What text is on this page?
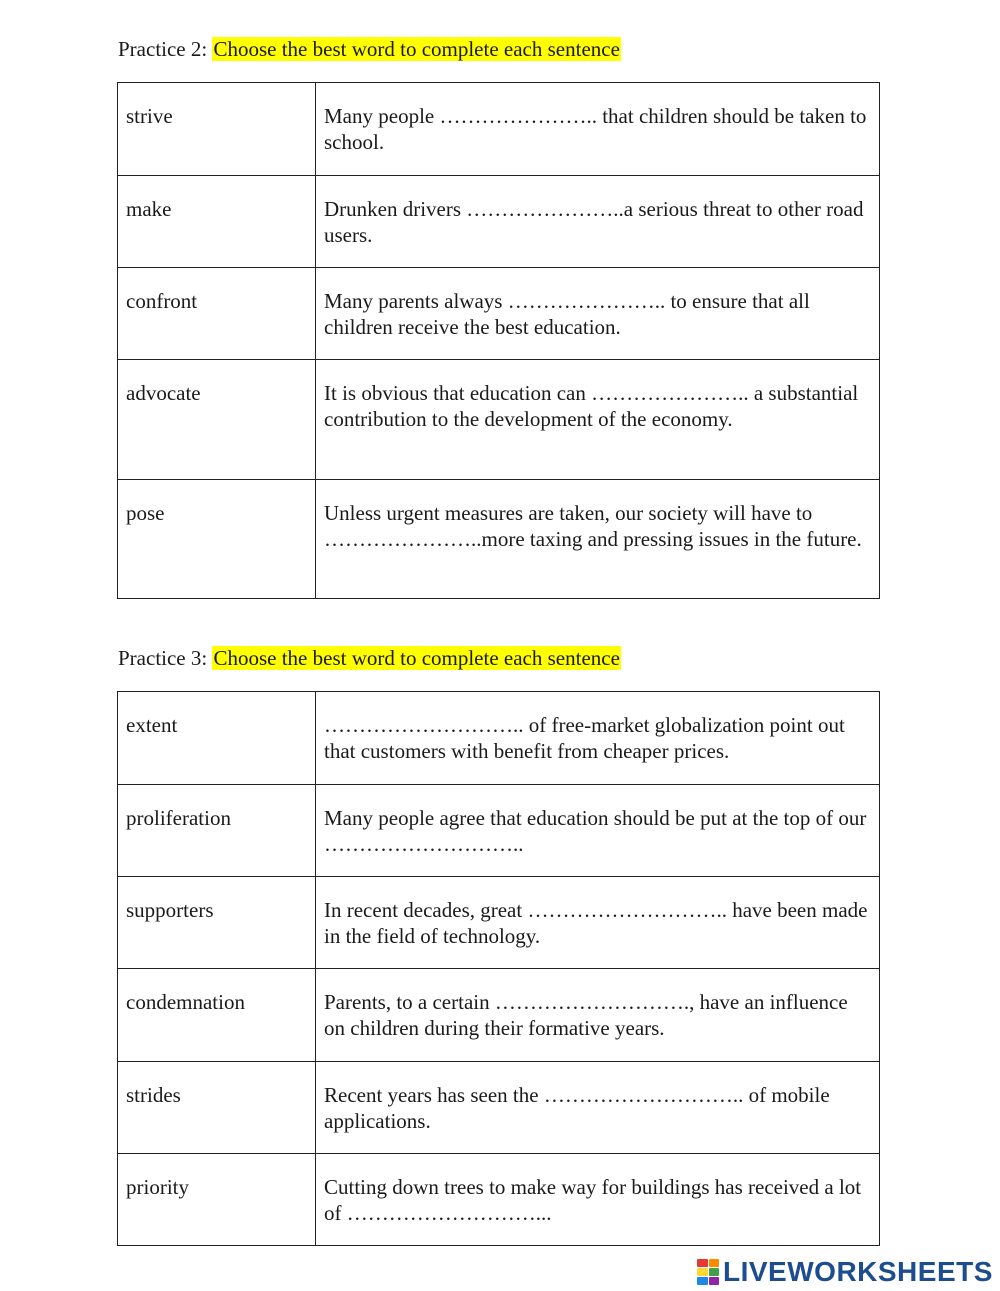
Practice 2: Choose the best word to complete each sentence
strive	Many people ………………….. that children should be taken to school.
make	Drunken drivers …………………..a serious threat to other road users.
confront	Many parents always ………………….. to ensure that all children receive the best education.
advocate	It is obvious that education can ………………….. a substantial contribution to the development of the economy.
pose	Unless urgent measures are taken, our society will have to …………………..more taxing and pressing issues in the future.
Practice 3: Choose the best word to complete each sentence
extent	……………………….. of free-market globalization point out that customers with benefit from cheaper prices.
proliferation	Many people agree that education should be put at the top of our ………………………..
supporters	In recent decades, great ……………………….. have been made in the field of technology.
condemnation	Parents, to a certain ………………………., have an influence on children during their formative years.
strides	Recent years has seen the ……………………….. of mobile applications.
priority	Cutting down trees to make way for buildings has received a lot of ………………………...
LIVEWORKSHEETS
